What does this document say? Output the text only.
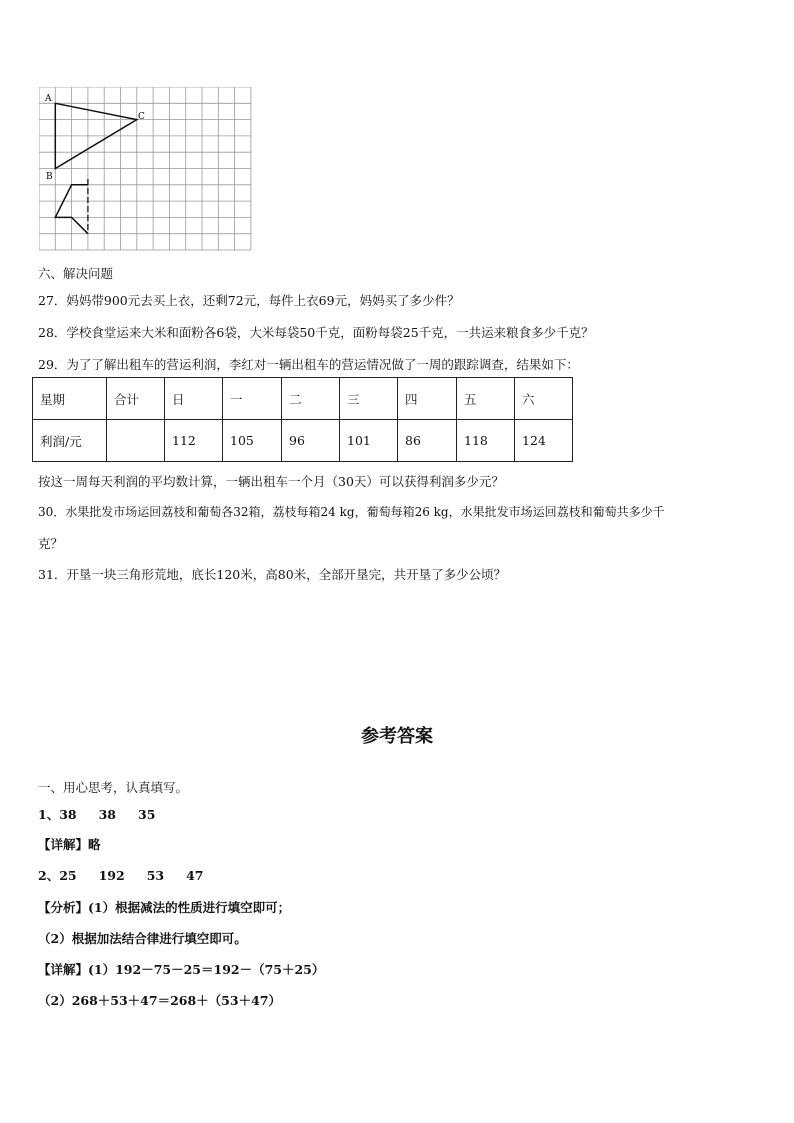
A
C
B
六、解决问题
27．妈妈带900元去买上衣，还剩72元，每件上衣69元，妈妈买了多少件？
28．学校食堂运来大米和面粉各6袋，大米每袋50千克，面粉每袋25千克，一共运来粮食多少千克？
29．为了了解出租车的营运利润，李红对一辆出租车的营运情况做了一周的跟踪调查，结果如下：
星期	合计	日	一	二	三	四	五	六
利润/元		112	105	96	101	86	118	124
按这一周每天利润的平均数计算，一辆出租车一个月（30天）可以获得利润多少元？
30．水果批发市场运回荔枝和葡萄各32箱，荔枝每箱24 kg，葡萄每箱26 kg，水果批发市场运回荔枝和葡萄共多少千
克？
31．开垦一块三角形荒地，底长120米，高80米，全部开垦完，共开垦了多少公顷？
参考答案
一、用心思考，认真填写。
1、38 38 35
【详解】略
2、25 192 53 47
【分析】(1）根据减法的性质进行填空即可；
（2）根据加法结合律进行填空即可。
【详解】(1）192－75－25＝192－（75＋25）
（2）268＋53＋47＝268＋（53＋47）
